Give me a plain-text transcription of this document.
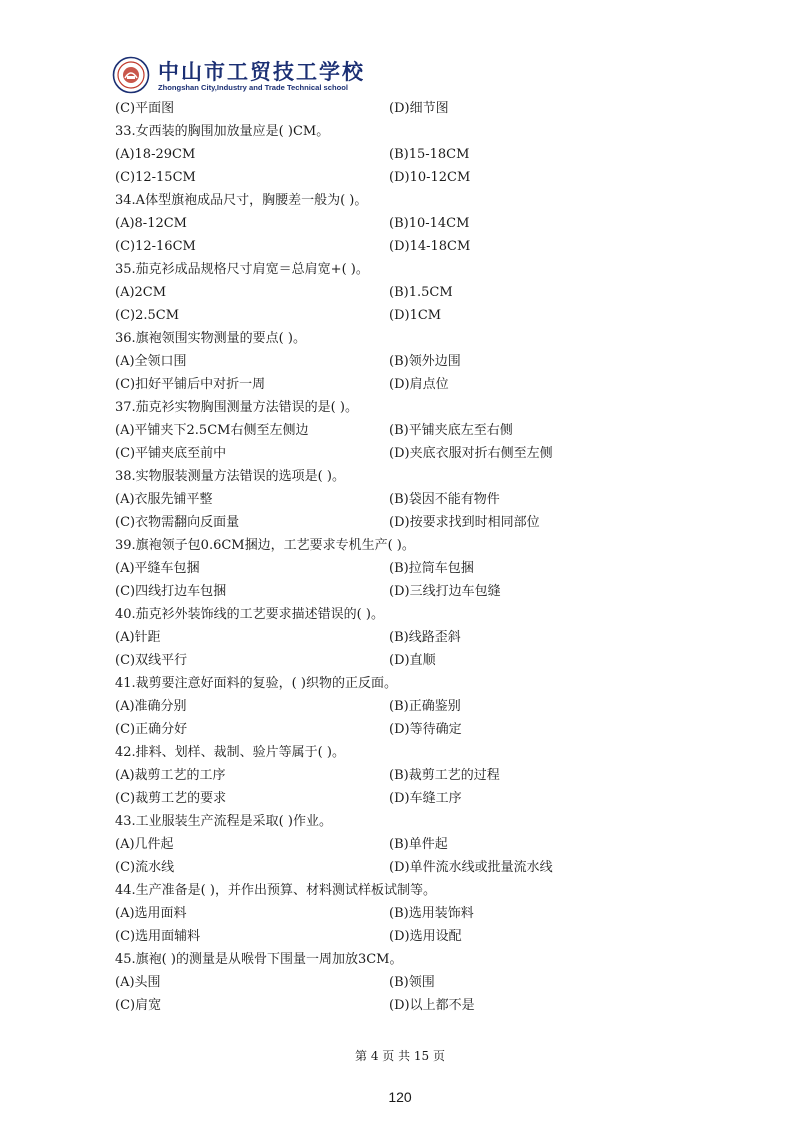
中山市工贸技工学校
Zhongshan City,Industry and Trade Technical school
(C)平面图	(D)细节图
33.女西装的胸围加放量应是( )CM。
(A)18-29CM	(B)15-18CM
(C)12-15CM	(D)10-12CM
34.A体型旗袍成品尺寸，胸腰差一般为( )。
(A)8-12CM	(B)10-14CM
(C)12-16CM	(D)14-18CM
35.茄克衫成品规格尺寸肩宽＝总肩宽+( )。
(A)2CM	(B)1.5CM
(C)2.5CM	(D)1CM
36.旗袍领围实物测量的要点( )。
(A)全领口围	(B)领外边围
(C)扣好平铺后中对折一周	(D)肩点位
37.茄克衫实物胸围测量方法错误的是( )。
(A)平铺夹下2.5CM右侧至左侧边	(B)平铺夹底左至右侧
(C)平铺夹底至前中	(D)夹底衣服对折右侧至左侧
38.实物服装测量方法错误的选项是( )。
(A)衣服先铺平整	(B)袋因不能有物件
(C)衣物需翻向反面量	(D)按要求找到时相同部位
39.旗袍领子包0.6CM捆边，工艺要求专机生产( )。
(A)平缝车包捆	(B)拉筒车包捆
(C)四线打边车包捆	(D)三线打边车包缝
40.茄克衫外装饰线的工艺要求描述错误的( )。
(A)针距	(B)线路歪斜
(C)双线平行	(D)直顺
41.裁剪要注意好面料的复验，( )织物的正反面。
(A)准确分别	(B)正确鉴别
(C)正确分好	(D)等待确定
42.排料、划样、裁制、验片等属于( )。
(A)裁剪工艺的工序	(B)裁剪工艺的过程
(C)裁剪工艺的要求	(D)车缝工序
43.工业服装生产流程是采取( )作业。
(A)几件起	(B)单件起
(C)流水线	(D)单件流水线或批量流水线
44.生产准备是( )，并作出预算、材料测试样板试制等。
(A)选用面料	(B)选用装饰料
(C)选用面辅料	(D)选用设配
45.旗袍( )的测量是从喉骨下围量一周加放3CM。
(A)头围	(B)领围
(C)肩宽	(D)以上都不是
第 4 页 共 15 页
120
